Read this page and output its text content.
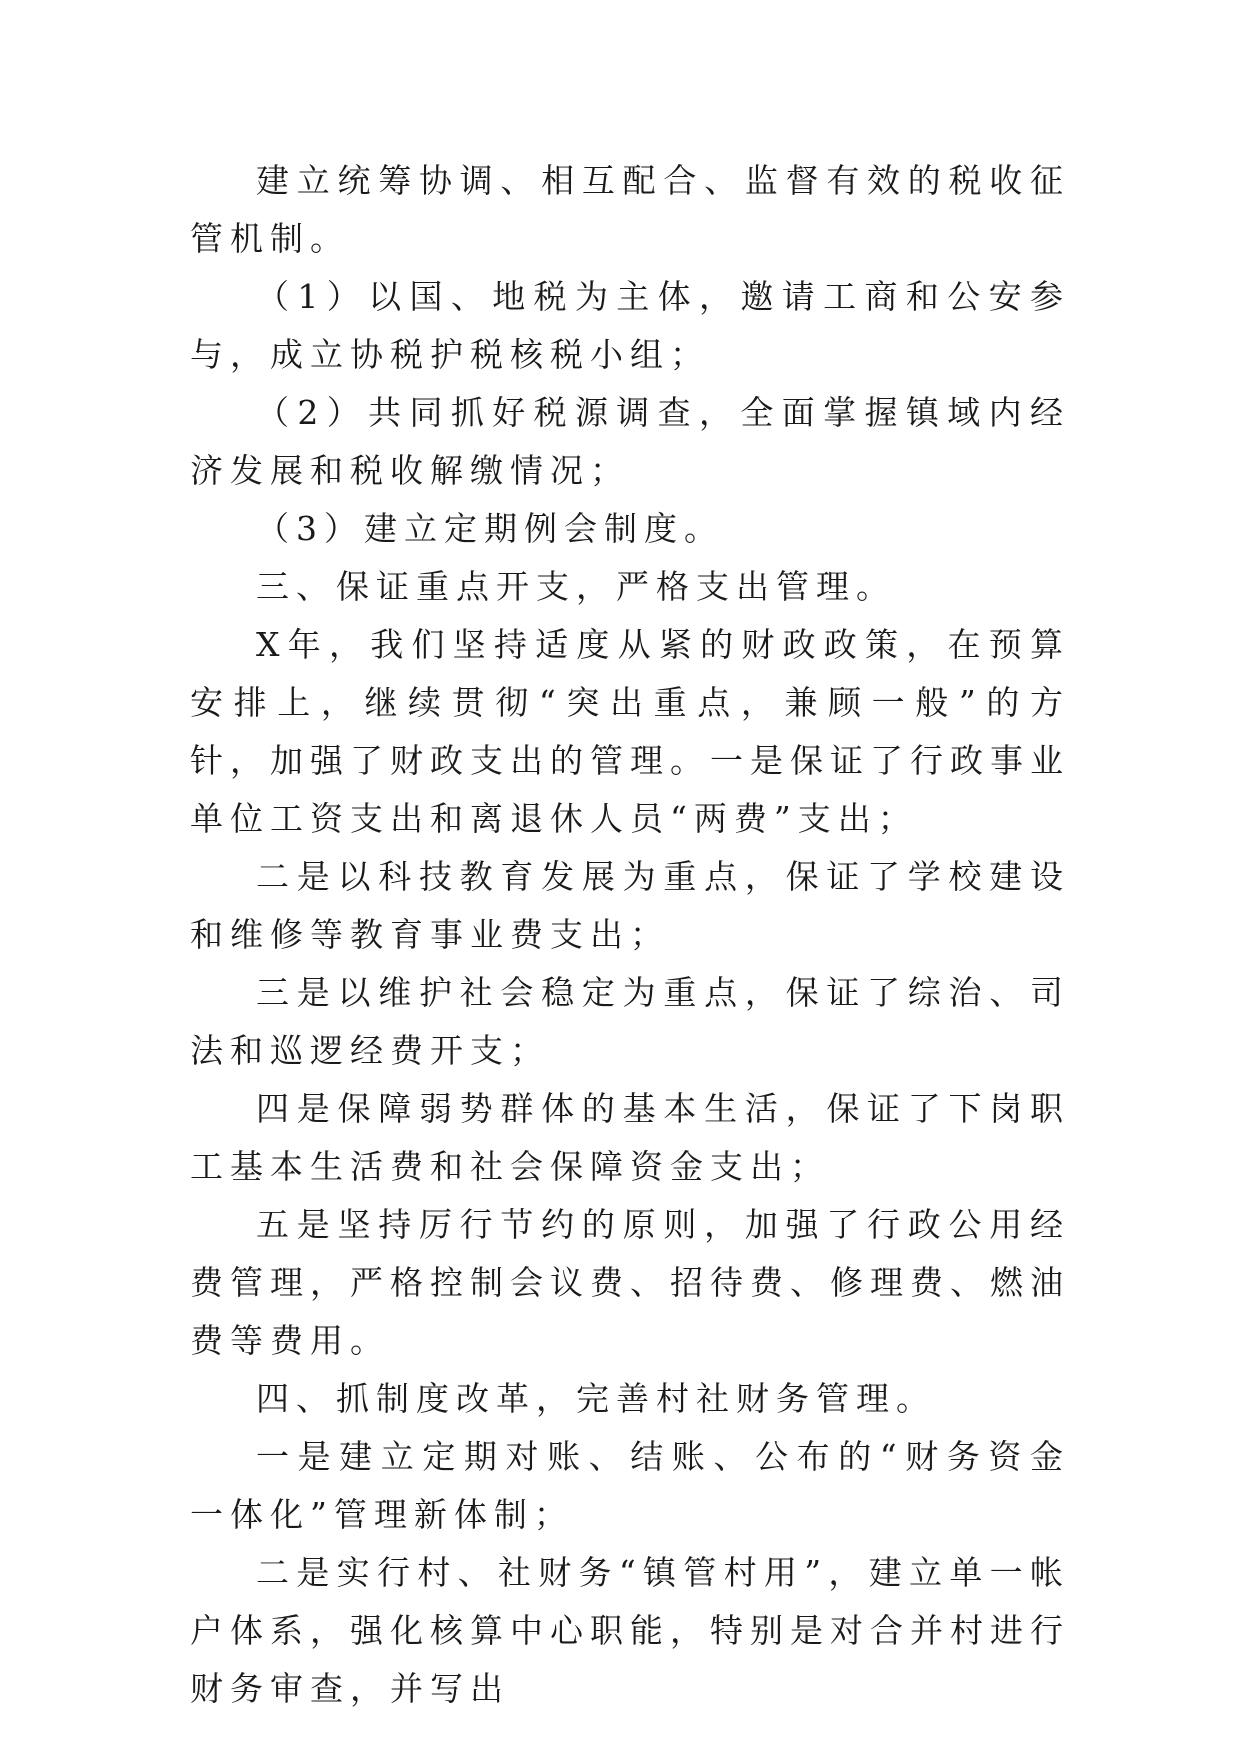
建立统筹协调、相互配合、监督有效的税收征管机制。

（1）以国、地税为主体，邀请工商和公安参与，成立协税护税核税小组；

（2）共同抓好税源调查，全面掌握镇域内经济发展和税收解缴情况；

（3）建立定期例会制度。

三、保证重点开支，严格支出管理。

X年，我们坚持适度从紧的财政政策，在预算安排上，继续贯彻“突出重点，兼顾一般”的方针，加强了财政支出的管理。一是保证了行政事业单位工资支出和离退休人员“两费”支出；

二是以科技教育发展为重点，保证了学校建设和维修等教育事业费支出；

三是以维护社会稳定为重点，保证了综治、司法和巡逻经费开支；

四是保障弱势群体的基本生活，保证了下岗职工基本生活费和社会保障资金支出；

五是坚持厉行节约的原则，加强了行政公用经费管理，严格控制会议费、招待费、修理费、燃油费等费用。

四、抓制度改革，完善村社财务管理。

一是建立定期对账、结账、公布的“财务资金一体化”管理新体制；

二是实行村、社财务“镇管村用”，建立单一帐户体系，强化核算中心职能，特别是对合并村进行财务审查，并写出
